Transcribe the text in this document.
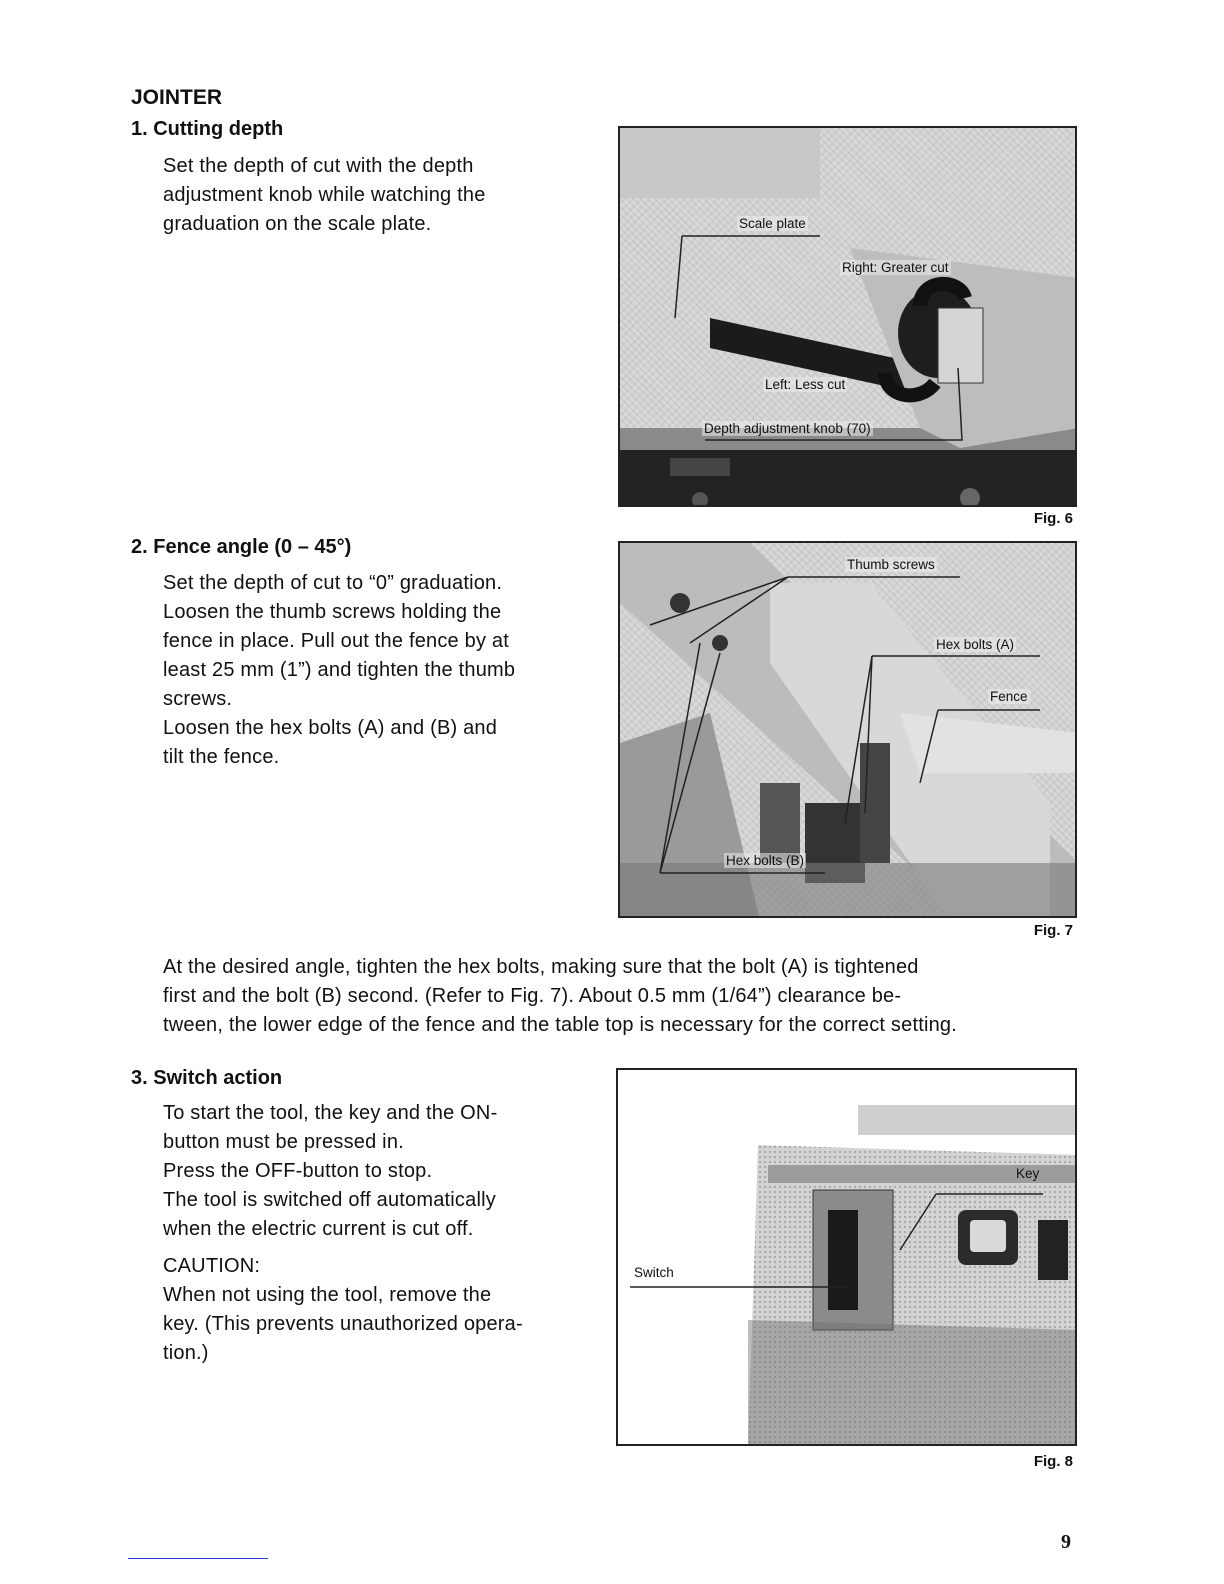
JOINTER
1. Cutting depth

Set the depth of cut with the depth

adjustment knob while watching the

graduation on the scale plate.	Scale plate
Right: Greater cut
Left: Less cut
Depth adjustment knob (70)
Fig. 6
2. Fence angle (0 – 45°)

Set the depth of cut to “0” graduation.

Loosen the thumb screws holding the

fence in place. Pull out the fence by at

least 25 mm (1”) and tighten the thumb

screws.

Loosen the hex bolts (A) and (B) and

tilt the fence.

Thumb screws
Hex bolts (A)
Fence
Hex bolts (B)
Fig. 7

At the desired angle, tighten the hex bolts, making sure that the bolt (A) is tightened

first and the bolt (B) second. (Refer to Fig. 7). About 0.5 mm (1/64”) clearance be-

tween, the lower edge of the fence and the table top is necessary for the correct setting.

3. Switch action

To start the tool, the key and the ON-

button must be pressed in.

Press the OFF-button to stop.

The tool is switched off automatically

when the electric current is cut off.

CAUTION:

When not using the tool, remove the

key. (This prevents unauthorized opera-

tion.)

Key
Switch
Fig. 8
9
